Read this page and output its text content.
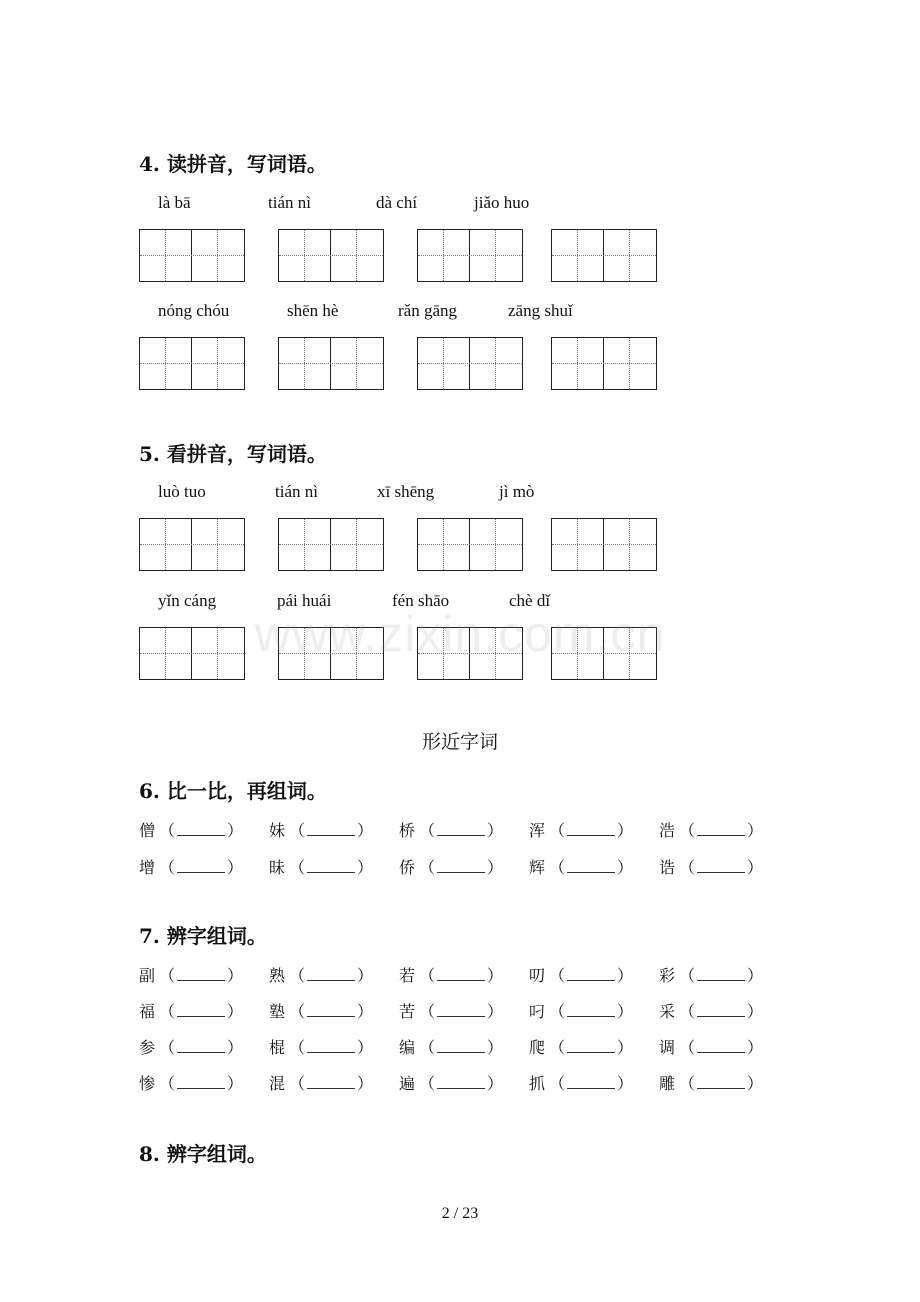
4. 读拼音，写词语。
là bā	tián nì	dà chí	jiǎo huo
nóng chóu	shēn hè	rǎn gāng	zāng shuǐ
5. 看拼音，写词语。
luò tuo	tián nì	xī shēng	jì mò
yǐn cáng	pái huái	fén shāo	chè dǐ
www.zixin.com.cn
形近字词
6. 比一比，再组词。
僧 （	） 妹 （	） 桥 （	） 浑 （	） 浩 （	）
增 （	） 昧 （	） 侨 （	） 辉 （	） 诰 （	）
7. 辨字组词。
副 （	） 熟 （	） 若 （	） 叨 （	） 彩 （	）
福 （	） 塾 （	） 苦 （	） 叼 （	） 采 （	）
参 （	） 棍 （	） 编 （	） 爬 （	） 调 （	）
惨 （	） 混 （	） 遍 （	） 抓 （	） 雕 （	）
8. 辨字组词。
2 / 23
